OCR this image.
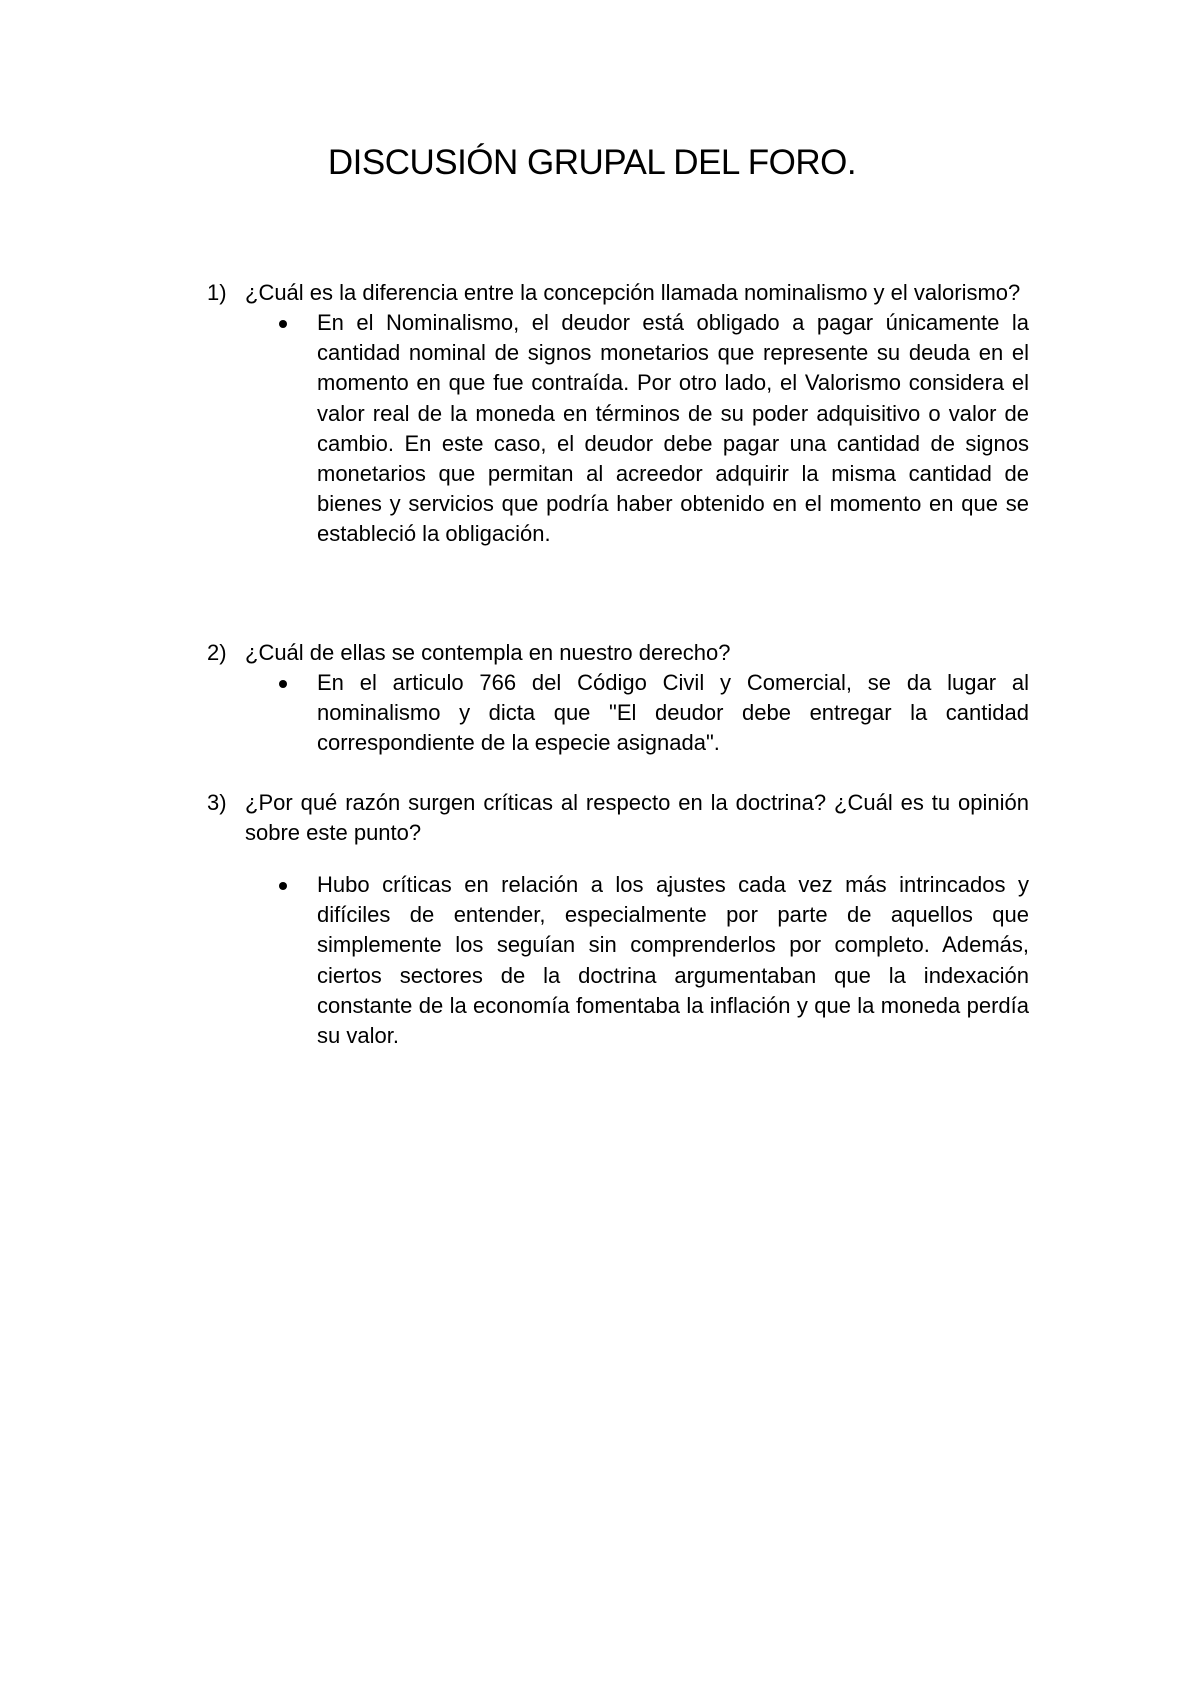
DISCUSIÓN GRUPAL DEL FORO.
1) ¿Cuál es la diferencia entre la concepción llamada nominalismo y el valorismo?
En el Nominalismo, el deudor está obligado a pagar únicamente la cantidad nominal de signos monetarios que represente su deuda en el momento en que fue contraída. Por otro lado, el Valorismo considera el valor real de la moneda en términos de su poder adquisitivo o valor de cambio. En este caso, el deudor debe pagar una cantidad de signos monetarios que permitan al acreedor adquirir la misma cantidad de bienes y servicios que podría haber obtenido en el momento en que se estableció la obligación.
2) ¿Cuál de ellas se contempla en nuestro derecho?
En el articulo 766 del Código Civil y Comercial, se da lugar al nominalismo y dicta que "El deudor debe entregar la cantidad correspondiente de la especie asignada".
3) ¿Por qué razón surgen críticas al respecto en la doctrina? ¿Cuál es tu opinión sobre este punto?
Hubo críticas en relación a los ajustes cada vez más intrincados y difíciles de entender, especialmente por parte de aquellos que simplemente los seguían sin comprenderlos por completo. Además, ciertos sectores de la doctrina argumentaban que la indexación constante de la economía fomentaba la inflación y que la moneda perdía su valor.
